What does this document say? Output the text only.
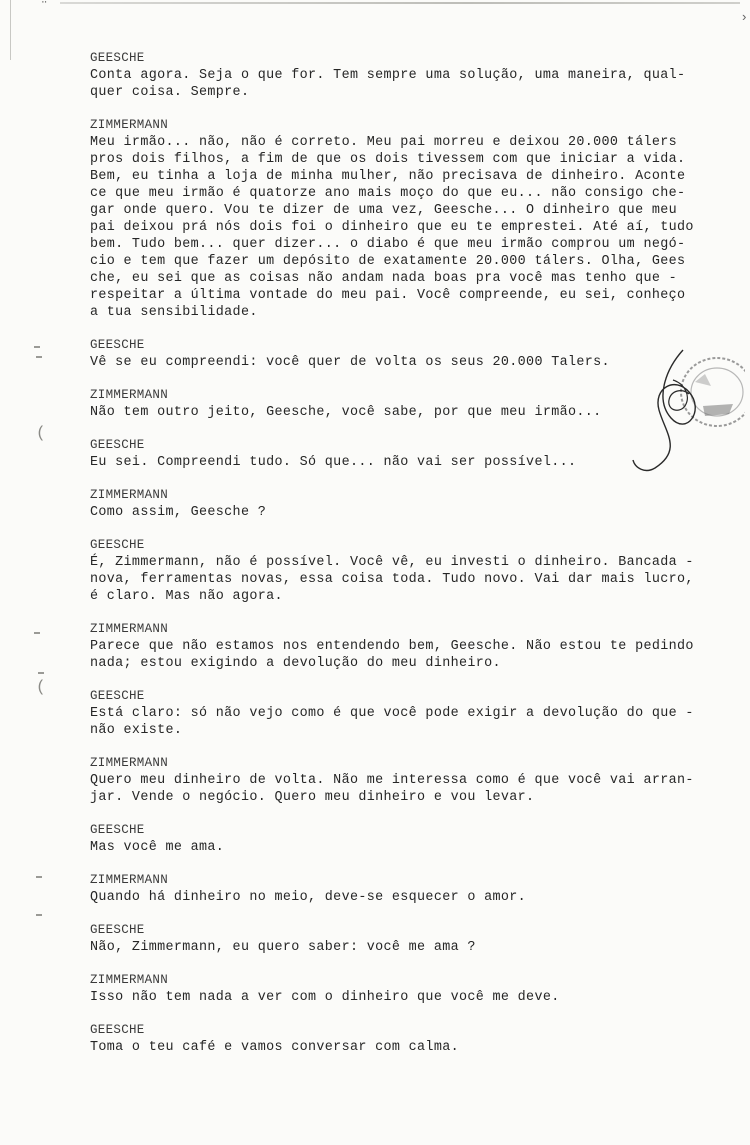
¨
›
(
(
GEESCHE
Conta agora. Seja o que for. Tem sempre uma solução, uma maneira, qual-
quer coisa. Sempre.
ZIMMERMANN
Meu irmão... não, não é correto. Meu pai morreu e deixou 20.000 tálers
pros dois filhos, a fim de que os dois tivessem com que iniciar a vida.
Bem, eu tinha a loja de minha mulher, não precisava de dinheiro. Aconte
ce que meu irmão é quatorze ano mais moço do que eu... não consigo che-
gar onde quero. Vou te dizer de uma vez, Geesche... O dinheiro que meu
pai deixou prá nós dois foi o dinheiro que eu te emprestei. Até aí, tudo
bem. Tudo bem... quer dizer... o diabo é que meu irmão comprou um negó-
cio e tem que fazer um depósito de exatamente 20.000 tálers. Olha, Gees
che, eu sei que as coisas não andam nada boas pra você mas tenho que -
respeitar a última vontade do meu pai. Você compreende, eu sei, conheço
a tua sensibilidade.
GEESCHE
Vê se eu compreendi: você quer de volta os seus 20.000 Talers.
ZIMMERMANN
Não tem outro jeito, Geesche, você sabe, por que meu irmão...
GEESCHE
Eu sei. Compreendi tudo. Só que... não vai ser possível...
ZIMMERMANN
Como assim, Geesche ?
GEESCHE
É, Zimmermann, não é possível. Você vê, eu investi o dinheiro. Bancada -
nova, ferramentas novas, essa coisa toda. Tudo novo. Vai dar mais lucro,
é claro. Mas não agora.
ZIMMERMANN
Parece que não estamos nos entendendo bem, Geesche. Não estou te pedindo
nada; estou exigindo a devolução do meu dinheiro.
GEESCHE
Está claro: só não vejo como é que você pode exigir a devolução do que -
não existe.
ZIMMERMANN
Quero meu dinheiro de volta. Não me interessa como é que você vai arran-
jar. Vende o negócio. Quero meu dinheiro e vou levar.
GEESCHE
Mas você me ama.
ZIMMERMANN
Quando há dinheiro no meio, deve-se esquecer o amor.
GEESCHE
Não, Zimmermann, eu quero saber: você me ama ?
ZIMMERMANN
Isso não tem nada a ver com o dinheiro que você me deve.
GEESCHE
Toma o teu café e vamos conversar com calma.
